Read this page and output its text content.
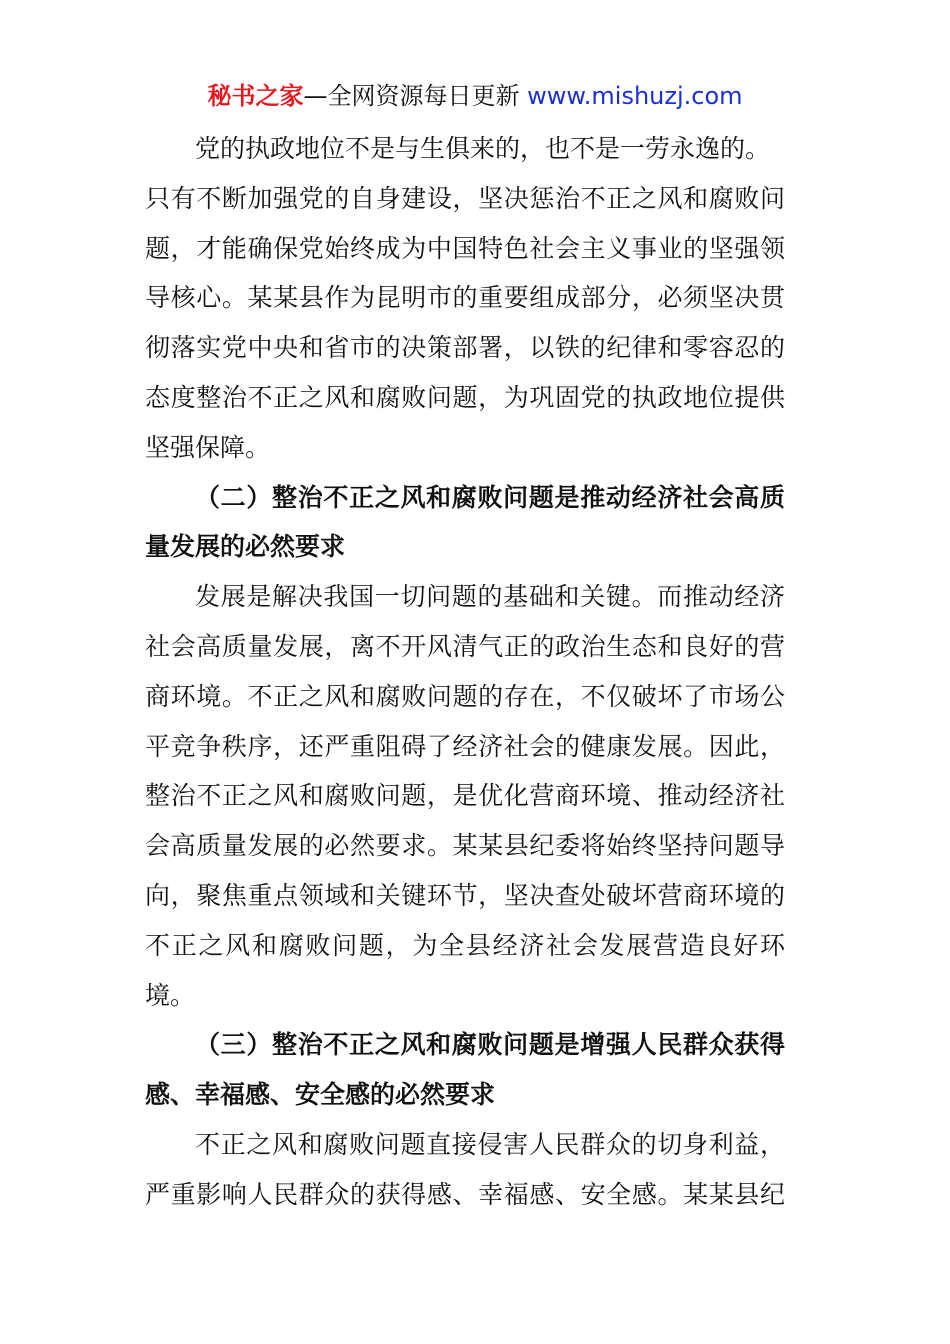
秘书之家—全网资源每日更新 www.mishuzj.com
党的执政地位不是与生俱来的，也不是一劳永逸的。
只有不断加强党的自身建设，坚决惩治不正之风和腐败问
题，才能确保党始终成为中国特色社会主义事业的坚强领
导核心。某某县作为昆明市的重要组成部分，必须坚决贯
彻落实党中央和省市的决策部署，以铁的纪律和零容忍的
态度整治不正之风和腐败问题，为巩固党的执政地位提供
坚强保障。
（二）整治不正之风和腐败问题是推动经济社会高质
量发展的必然要求
发展是解决我国一切问题的基础和关键。而推动经济
社会高质量发展，离不开风清气正的政治生态和良好的营
商环境。不正之风和腐败问题的存在，不仅破坏了市场公
平竞争秩序，还严重阻碍了经济社会的健康发展。因此，
整治不正之风和腐败问题，是优化营商环境、推动经济社
会高质量发展的必然要求。某某县纪委将始终坚持问题导
向，聚焦重点领域和关键环节，坚决查处破坏营商环境的
不正之风和腐败问题，为全县经济社会发展营造良好环
境。
（三）整治不正之风和腐败问题是增强人民群众获得
感、幸福感、安全感的必然要求
不正之风和腐败问题直接侵害人民群众的切身利益，
严重影响人民群众的获得感、幸福感、安全感。某某县纪
